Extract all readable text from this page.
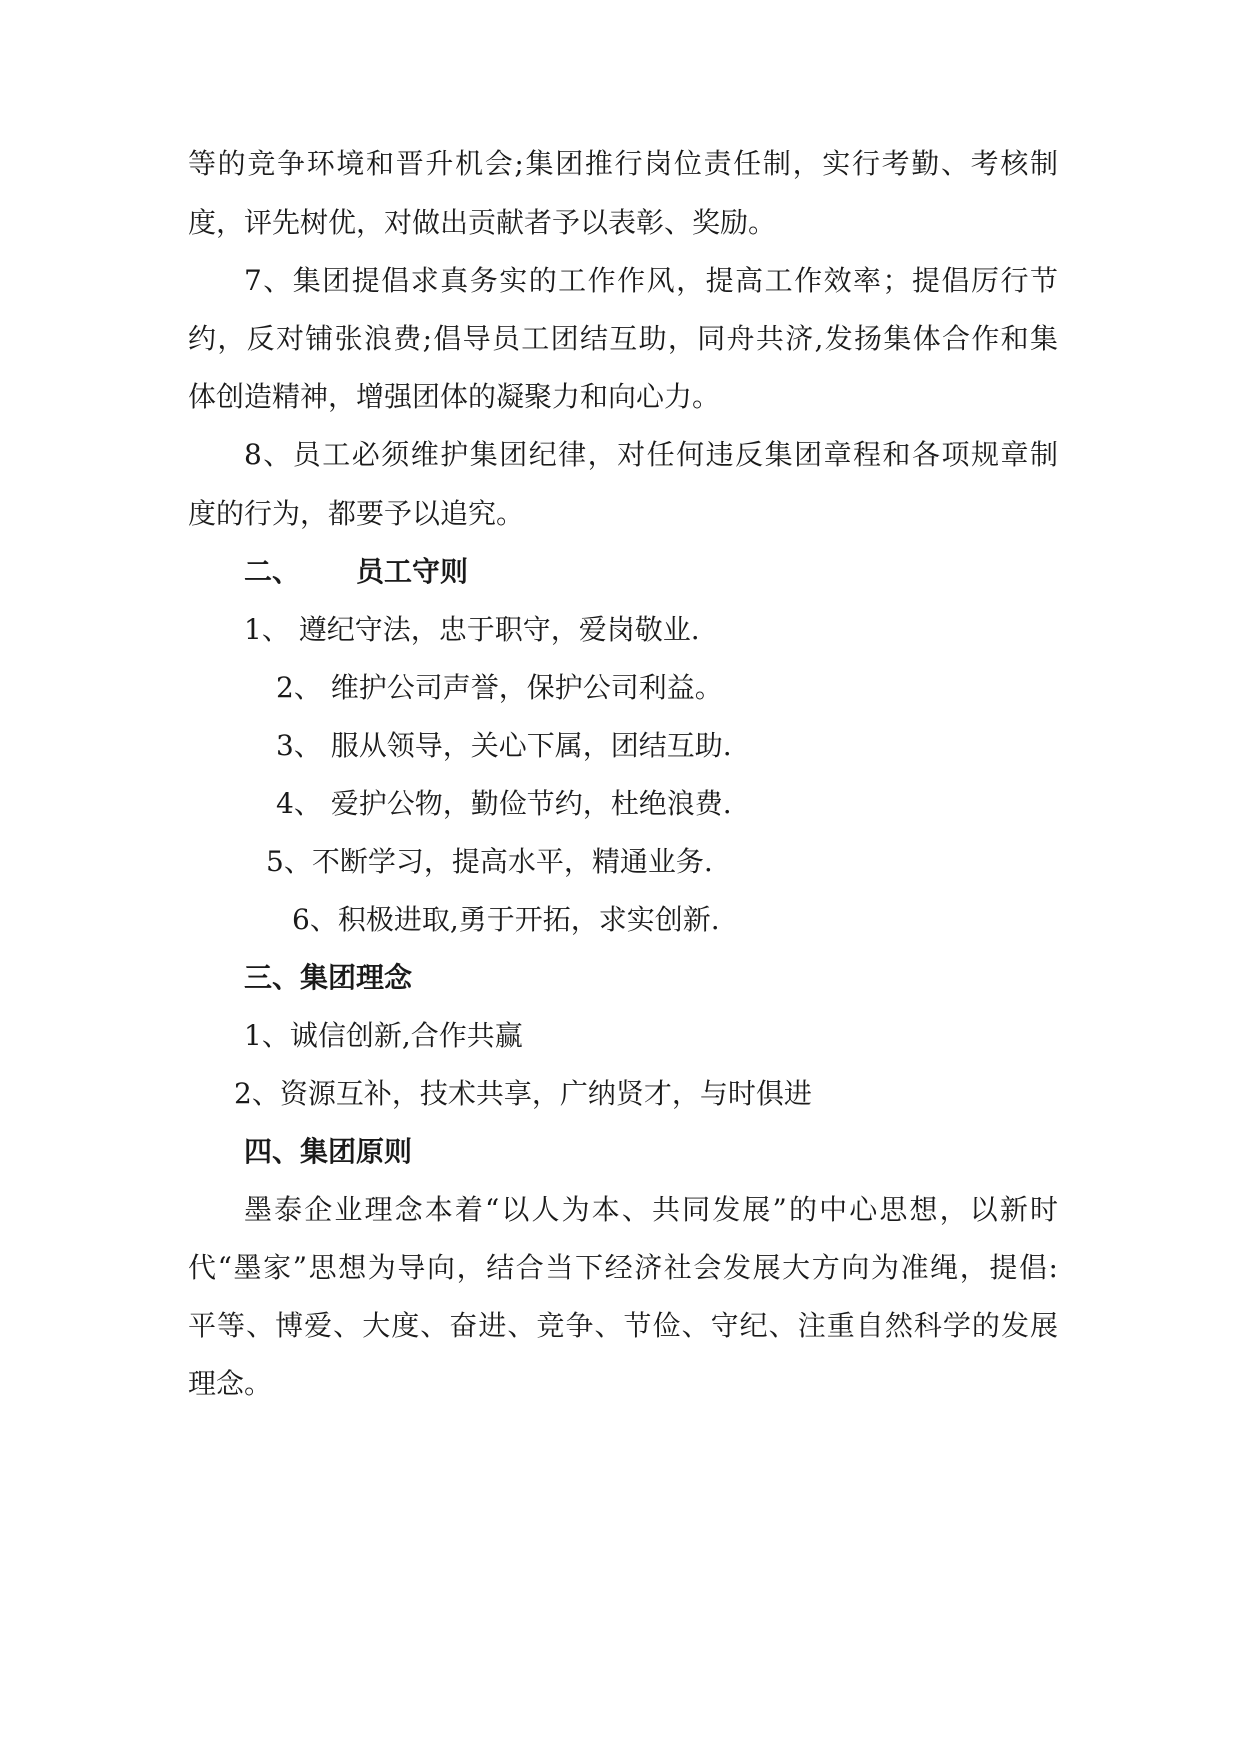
等的竞争环境和晋升机会;集团推行岗位责任制，实行考勤、考核制
度，评先树优，对做出贡献者予以表彰、奖励。
7、集团提倡求真务实的工作作风，提高工作效率；提倡厉行节
约，反对铺张浪费;倡导员工团结互助，同舟共济,发扬集体合作和集
体创造精神，增强团体的凝聚力和向心力。
8、员工必须维护集团纪律，对任何违反集团章程和各项规章制
度的行为，都要予以追究。
二、 员工守则
1、 遵纪守法，忠于职守，爱岗敬业.
2、 维护公司声誉，保护公司利益。
3、 服从领导，关心下属，团结互助.
4、 爱护公物，勤俭节约，杜绝浪费.
5、不断学习，提高水平，精通业务.
6、积极进取,勇于开拓，求实创新.
三、集团理念
1、诚信创新,合作共赢
2、资源互补，技术共享，广纳贤才，与时俱进
四、集团原则
墨泰企业理念本着“以人为本、共同发展”的中心思想，以新时
代“墨家”思想为导向，结合当下经济社会发展大方向为准绳，提倡:
平等、博爱、大度、奋进、竞争、节俭、守纪、注重自然科学的发展
理念。
